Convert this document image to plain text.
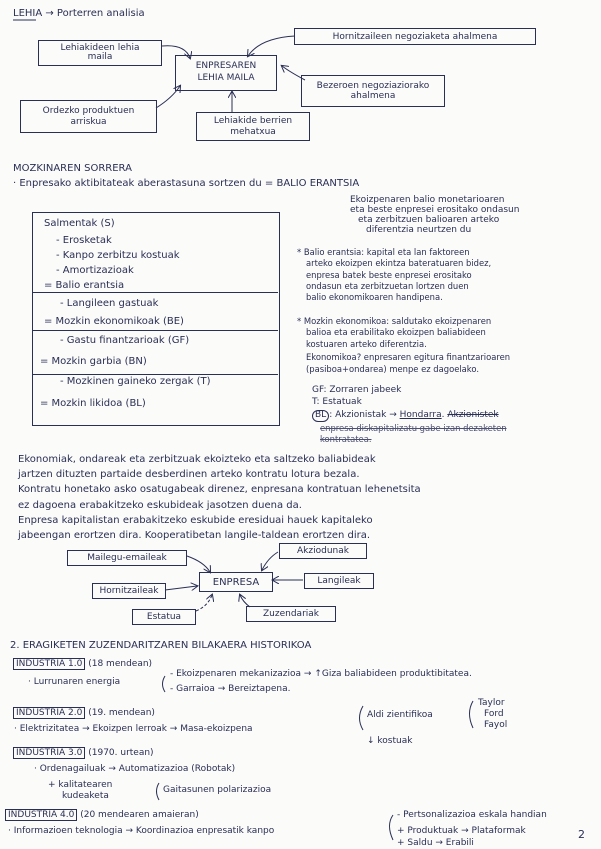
LEHIA → Porterren analisia
Lehiakideen lehia maila
Hornitzaileen negoziaketa ahalmena
ENPRESAREN LEHIA MAILA
Bezeroen negoziaziorako ahalmena
Ordezko produktuen arriskua	Lehiakide berrien mehatxua
MOZKINAREN SORRERA
· Enpresako aktibitateak aberastasuna sortzen du = BALIO ERANTSIA
Ekoizpenaren balio monetarioaren
eta beste enpresei erositako ondasun
eta zerbitzuen balioaren arteko
diferentzia neurtzen du
Salmentak (S)
- Erosketak
- Kanpo zerbitzu kostuak
- Amortizazioak
= Balio erantsia
- Langileen gastuak
= Mozkin ekonomikoak (BE)
- Gastu finantzarioak (GF)
= Mozkin garbia (BN)
- Mozkinen gaineko zergak (T)
= Mozkin likidoa (BL)
* Balio erantsia: kapital eta lan faktoreen
arteko ekoizpen ekintza bateratuaren bidez,
enpresa batek beste enpresei erositako
ondasun eta zerbitzuetan lortzen duen
balio ekonomikoaren handipena.
* Mozkin ekonomikoa: saldutako ekoizpenaren
balioa eta erabilitako ekoizpen baliabideen
kostuaren arteko diferentzia.
Ekonomikoa? enpresaren egitura finantzarioaren
(pasiboa+ondarea) menpe ez dagoelako.
GF: Zorraren jabeek
T: Estatuak
BL : Akzionistak → Hondarra. Akzionistek
enpresa diskapitalizatu gabe izan dezaketen
kontratatea.
Ekonomiak, ondareak eta zerbitzuak ekoizteko eta saltzeko baliabideak
jartzen dituzten partaide desberdinen arteko kontratu lotura bezala.
Kontratu honetako asko osatugabeak direnez, enpresana kontratuan lehenetsita
ez dagoena erabakitzeko eskubideak jasotzen duena da.
Enpresa kapitalistan erabakitzeko eskubide eresiduai hauek kapitaleko
jabeengan erortzen dira. Kooperatibetan langile-taldean erortzen dira.
Mailegu-emaileak
Akziodunak
Hornitzaileak
ENPRESA	Langileak
Estatua	Zuzendariak
2. ERAGIKETEN ZUZENDARITZAREN BILAKAERA HISTORIKOA
INDUSTRIA 1.0 (18 mendean)
· Lurrunaren energia
- Ekoizpenaren mekanizazioa → ↑Giza baliabideen produktibitatea.
- Garraioa → Bereiztapena.
INDUSTRIA 2.0 (19. mendean)
· Elektrizitatea → Ekoizpen lerroak → Masa-ekoizpena
Aldi zientifikoa
Taylor
Ford
Fayol
↓ kostuak
INDUSTRIA 3.0 (1970. urtean)
· Ordenagailuak → Automatizazioa (Robotak)
+ kalitatearen
kudeaketa
Gaitasunen polarizazioa
INDUSTRIA 4.0 (20 mendearen amaieran)
· Informazioen teknologia → Koordinazioa enpresatik kanpo
- Pertsonalizazioa eskala handian
+ Produktuak → Plataformak
+ Saldu → Erabili
2
